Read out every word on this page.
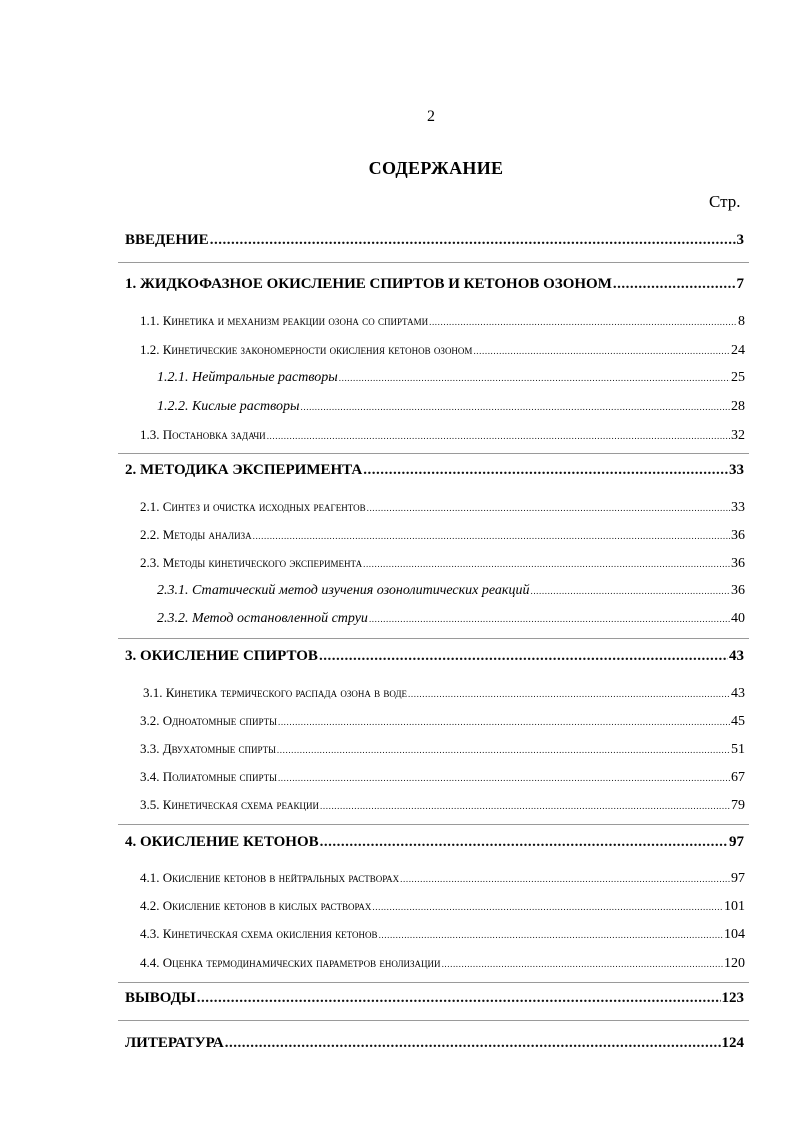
2
СОДЕРЖАНИЕ
Стр.
ВВЕДЕНИЕ .....	3
1. ЖИДКОФАЗНОЕ ОКИСЛЕНИЕ СПИРТОВ И КЕТОНОВ ОЗОНОМ .....	7
1.1. Кинетика и механизм реакции озона со спиртами .....	8
1.2. Кинетические закономерности окисления кетонов озоном .....	24
1.2.1. Нейтральные растворы .....	25
1.2.2. Кислые растворы .....	28
1.3. Постановка задачи .....	32
2. МЕТОДИКА ЭКСПЕРИМЕНТА .....	33
2.1. Синтез и очистка исходных реагентов .....	33
2.2. Методы анализа .....	36
2.3. Методы кинетического эксперимента .....	36
2.3.1. Статический метод изучения озонолитических реакций .....	36
2.3.2. Метод остановленной струи .....	40
3. ОКИСЛЕНИЕ СПИРТОВ .....	43
3.1. Кинетика термического распада озона в воде .....	43
3.2. Одноатомные спирты .....	45
3.3. Двухатомные спирты .....	51
3.4. Полиатомные спирты .....	67
3.5. Кинетическая схема реакции .....	79
4. ОКИСЛЕНИЕ КЕТОНОВ .....	97
4.1. Окисление кетонов в нейтральных растворах .....	97
4.2. Окисление кетонов в кислых растворах .....	101
4.3. Кинетическая схема окисления кетонов .....	104
4.4. Оценка термодинамических параметров енолизации .....	120
ВЫВОДЫ .....	123
ЛИТЕРАТУРА .....	124
